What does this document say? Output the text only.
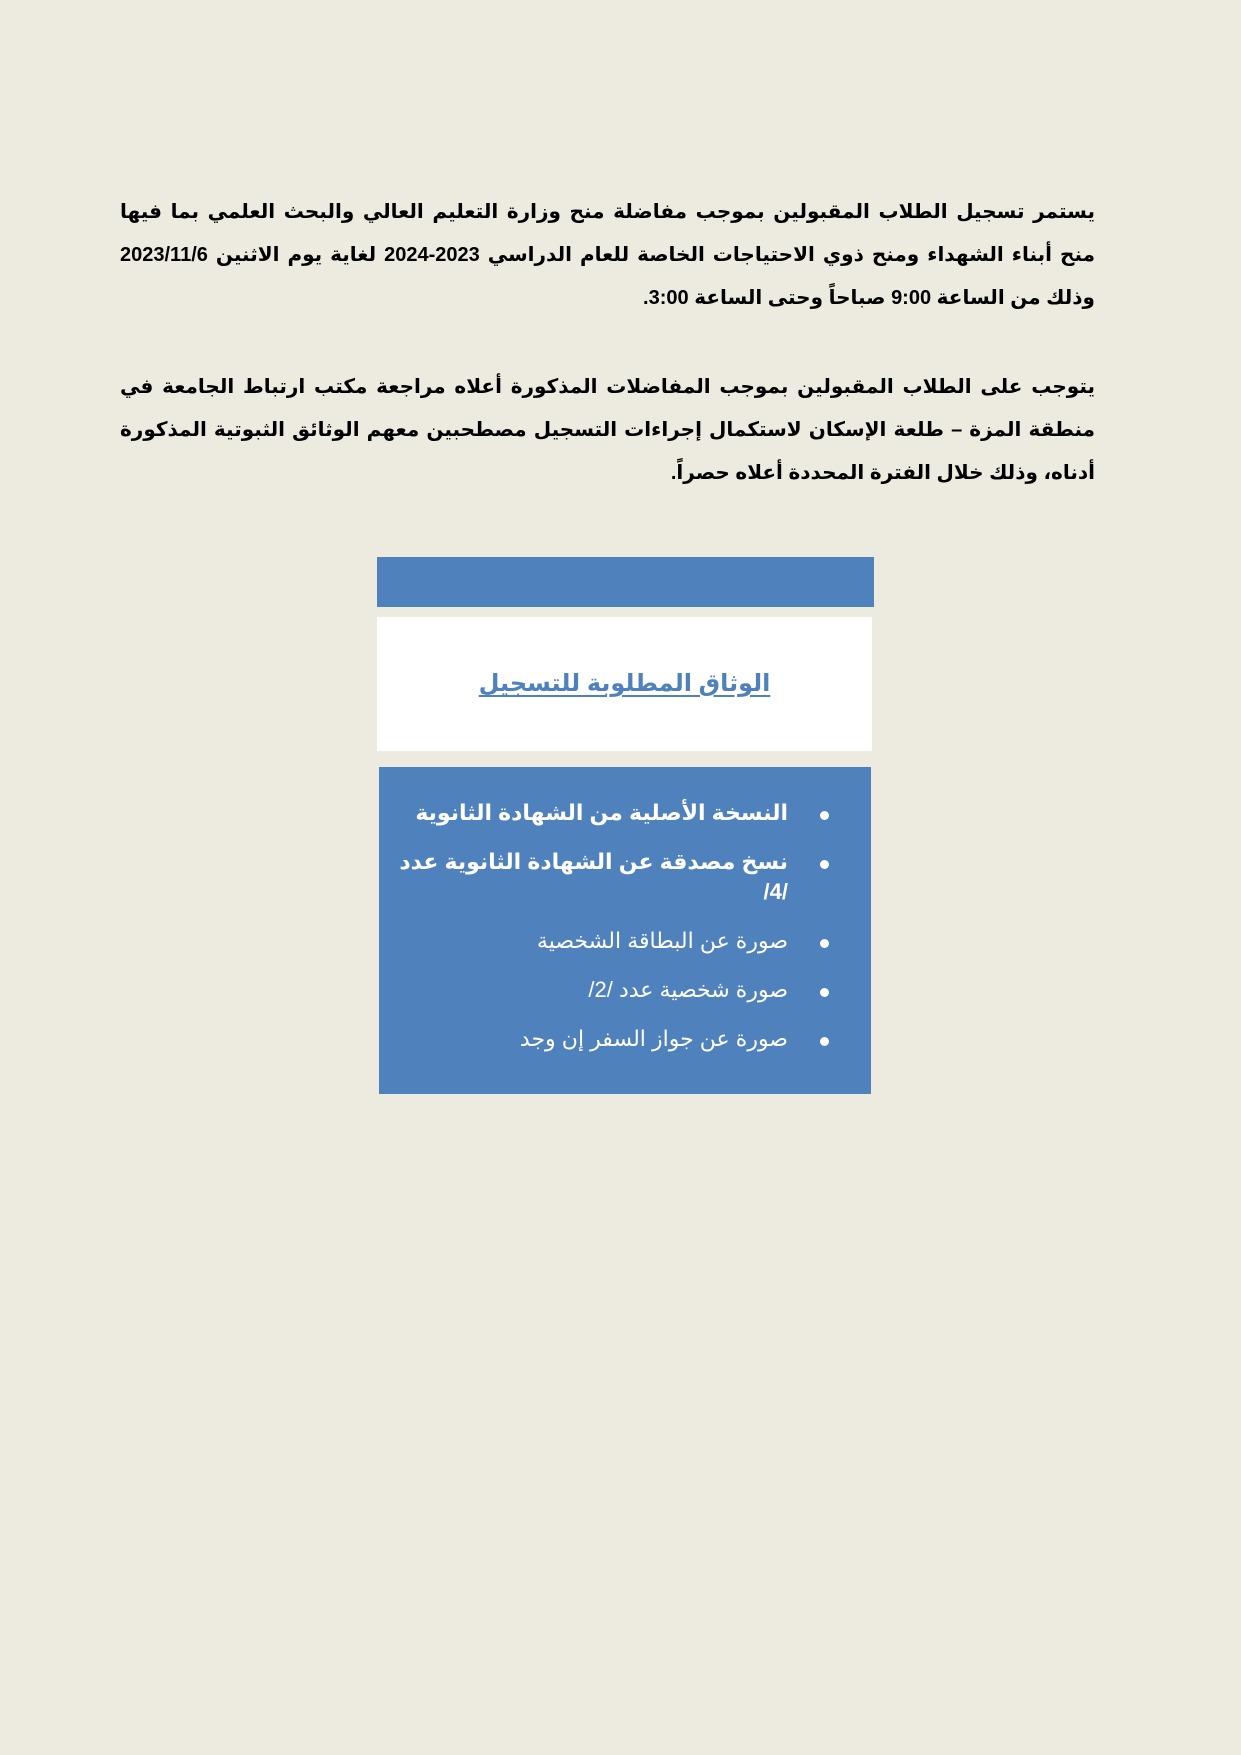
يستمر تسجيل الطلاب المقبولين بموجب مفاضلة منح وزارة التعليم العالي والبحث العلمي بما فيها منح أبناء الشهداء ومنح ذوي الاحتياجات الخاصة للعام الدراسي 2023-2024 لغاية يوم الاثنين 2023/11/6 وذلك من الساعة 9:00 صباحاً وحتى الساعة 3:00.

يتوجب على الطلاب المقبولين بموجب المفاضلات المذكورة أعلاه مراجعة مكتب ارتباط الجامعة في منطقة المزة – طلعة الإسكان لاستكمال إجراءات التسجيل مصطحبين معهم الوثائق الثبوتية المذكورة أدناه، وذلك خلال الفترة المحددة أعلاه حصراً.

الوثاق المطلوبة للتسجيل
النسخة الأصلية من الشهادة الثانوية
نسخ مصدقة عن الشهادة الثانوية عدد /4/
صورة عن البطاقة الشخصية
صورة شخصية عدد /2/
صورة عن جواز السفر إن وجد
